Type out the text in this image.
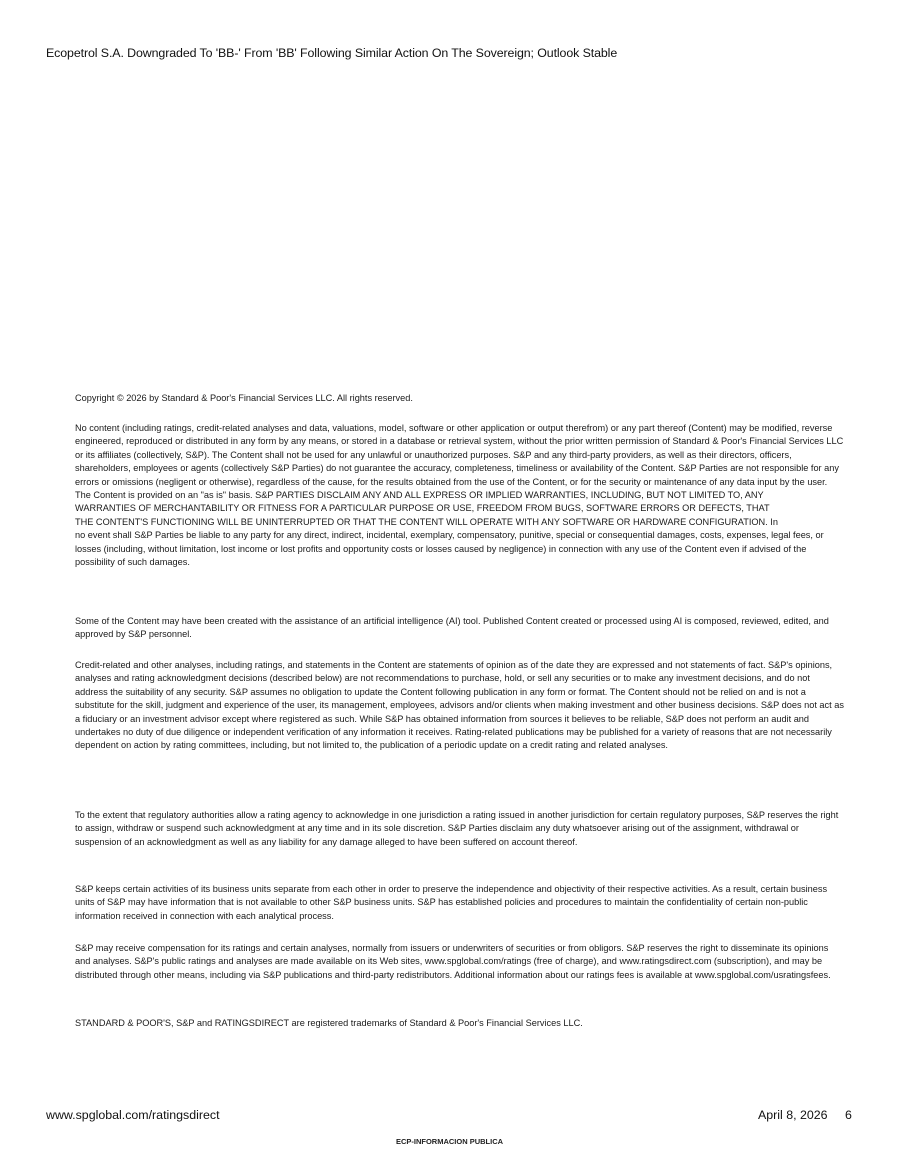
Ecopetrol S.A. Downgraded To 'BB-' From 'BB' Following Similar Action On The Sovereign; Outlook Stable

Copyright © 2026 by Standard & Poor's Financial Services LLC. All rights reserved.

No content (including ratings, credit-related analyses and data, valuations, model, software or other application or output therefrom) or any part thereof (Content) may be modified, reverse engineered, reproduced or distributed in any form by any means, or stored in a database or retrieval system, without the prior written permission of Standard & Poor's Financial Services LLC or its affiliates (collectively, S&P). The Content shall not be used for any unlawful or unauthorized purposes. S&P and any third-party providers, as well as their directors, officers, shareholders, employees or agents (collectively S&P Parties) do not guarantee the accuracy, completeness, timeliness or availability of the Content. S&P Parties are not responsible for any errors or omissions (negligent or otherwise), regardless of the cause, for the results obtained from the use of the Content, or for the security or maintenance of any data input by the user. The Content is provided on an "as is" basis. S&P PARTIES DISCLAIM ANY AND ALL EXPRESS OR IMPLIED WARRANTIES, INCLUDING, BUT NOT LIMITED TO, ANY

WARRANTIES OF MERCHANTABILITY OR FITNESS FOR A PARTICULAR PURPOSE OR USE, FREEDOM FROM BUGS, SOFTWARE ERRORS OR DEFECTS, THAT

THE CONTENT'S FUNCTIONING WILL BE UNINTERRUPTED OR THAT THE CONTENT WILL OPERATE WITH ANY SOFTWARE OR HARDWARE CONFIGURATION. In

no event shall S&P Parties be liable to any party for any direct, indirect, incidental, exemplary, compensatory, punitive, special or consequential damages, costs, expenses, legal fees, or losses (including, without limitation, lost income or lost profits and opportunity costs or losses caused by negligence) in connection with any use of the Content even if advised of the possibility of such damages.

Some of the Content may have been created with the assistance of an artificial intelligence (AI) tool. Published Content created or processed using AI is composed, reviewed, edited, and approved by S&P personnel.

Credit-related and other analyses, including ratings, and statements in the Content are statements of opinion as of the date they are expressed and not statements of fact. S&P's opinions, analyses and rating acknowledgment decisions (described below) are not recommendations to purchase, hold, or sell any securities or to make any investment decisions, and do not address the suitability of any security. S&P assumes no obligation to update the Content following publication in any form or format. The Content should not be relied on and is not a substitute for the skill, judgment and experience of the user, its management, employees, advisors and/or clients when making investment and other business decisions. S&P does not act as a fiduciary or an investment advisor except where registered as such. While S&P has obtained information from sources it believes to be reliable, S&P does not perform an audit and undertakes no duty of due diligence or independent verification of any information it receives. Rating-related publications may be published for a variety of reasons that are not necessarily dependent on action by rating committees, including, but not limited to, the publication of a periodic update on a credit rating and related analyses.

To the extent that regulatory authorities allow a rating agency to acknowledge in one jurisdiction a rating issued in another jurisdiction for certain regulatory purposes, S&P reserves the right to assign, withdraw or suspend such acknowledgment at any time and in its sole discretion. S&P Parties disclaim any duty whatsoever arising out of the assignment, withdrawal or suspension of an acknowledgment as well as any liability for any damage alleged to have been suffered on account thereof.

S&P keeps certain activities of its business units separate from each other in order to preserve the independence and objectivity of their respective activities. As a result, certain business units of S&P may have information that is not available to other S&P business units. S&P has established policies and procedures to maintain the confidentiality of certain non-public information received in connection with each analytical process.

S&P may receive compensation for its ratings and certain analyses, normally from issuers or underwriters of securities or from obligors. S&P reserves the right to disseminate its opinions and analyses. S&P's public ratings and analyses are made available on its Web sites, www.spglobal.com/ratings (free of charge), and www.ratingsdirect.com (subscription), and may be distributed through other means, including via S&P publications and third-party redistributors. Additional information about our ratings fees is available at www.spglobal.com/usratingsfees.

STANDARD & POOR'S, S&P and RATINGSDIRECT are registered trademarks of Standard & Poor's Financial Services LLC.

www.spglobal.com/ratingsdirect	April 8, 2026 6
ECP-INFORMACION PUBLICA
